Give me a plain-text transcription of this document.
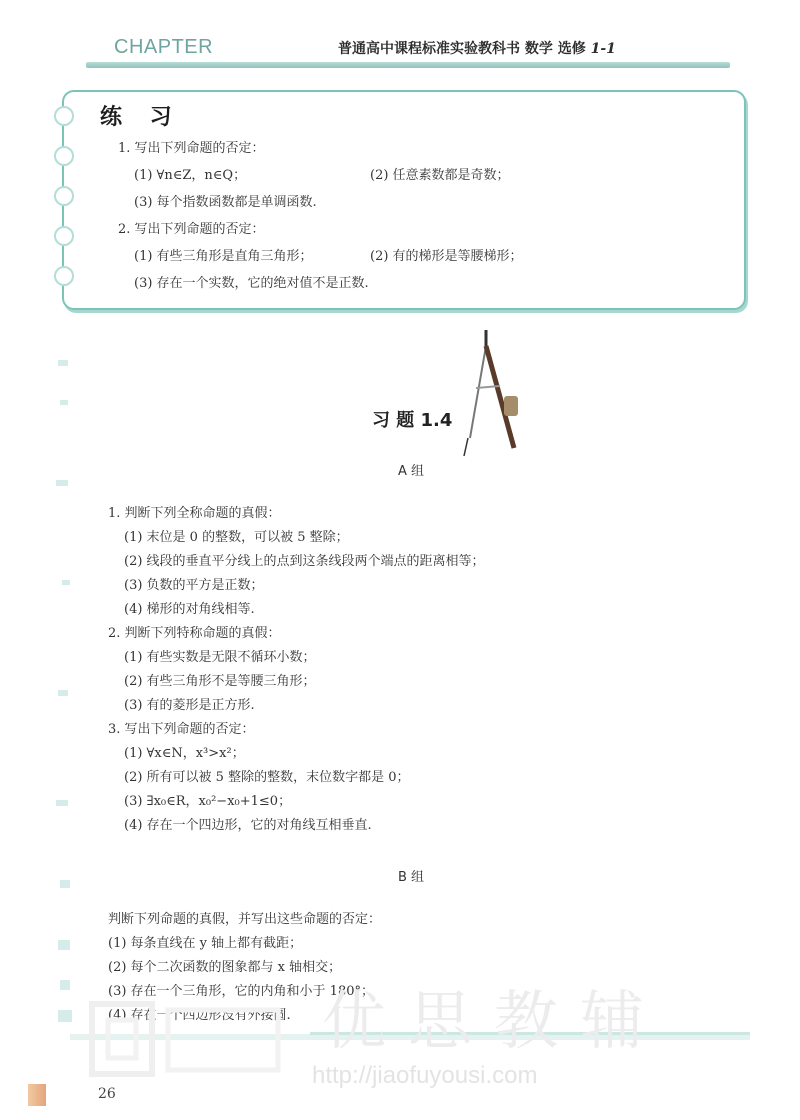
CHAPTER	普通高中课程标准实验教科书 数学 选修 1-1
练 习
1. 写出下列命题的否定：
(1) ∀n∈Z，n∈Q；	(2) 任意素数都是奇数；
(3) 每个指数函数都是单调函数.
2. 写出下列命题的否定：
(1) 有些三角形是直角三角形；	(2) 有的梯形是等腰梯形；
(3) 存在一个实数，它的绝对值不是正数.
习 题 1.4
A 组
1. 判断下列全称命题的真假：
(1) 末位是 0 的整数，可以被 5 整除；
(2) 线段的垂直平分线上的点到这条线段两个端点的距离相等；
(3) 负数的平方是正数；
(4) 梯形的对角线相等.
2. 判断下列特称命题的真假：
(1) 有些实数是无限不循环小数；
(2) 有些三角形不是等腰三角形；
(3) 有的菱形是正方形.
3. 写出下列命题的否定：
(1) ∀x∈N，x³>x²；
(2) 所有可以被 5 整除的整数，末位数字都是 0；
(3) ∃x₀∈R，x₀²−x₀+1≤0；
(4) 存在一个四边形，它的对角线互相垂直.
B 组
判断下列命题的真假，并写出这些命题的否定：
(1) 每条直线在 y 轴上都有截距；
(2) 每个二次函数的图象都与 x 轴相交；
(3) 存在一个三角形，它的内角和小于 180°；
(4) 存在一个四边形没有外接圆. 优思教辅
http://jiaofuyousi.com
26
